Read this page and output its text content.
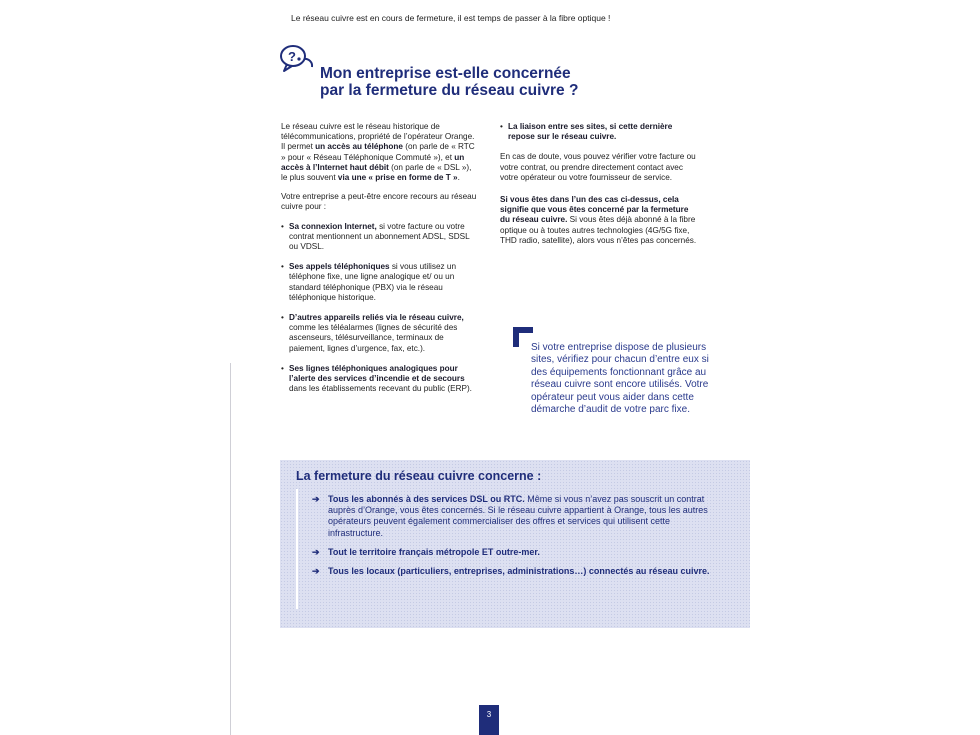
Le réseau cuivre est en cours de fermeture, il est temps de passer à la fibre optique !
?
Mon entreprise est-elle concernée
par la fermeture du réseau cuivre ?

Le réseau cuivre est le réseau historique de télécommunications, propriété de l’opérateur Orange. Il permet un accès au téléphone (on parle de « RTC » pour « Réseau Téléphonique Commuté »), et un accès à l’Internet haut débit (on parle de « DSL »), le plus souvent via une « prise en forme de T ».

Votre entreprise a peut-être encore recours au réseau cuivre pour :

• Sa connexion Internet, si votre facture ou votre contrat mentionnent un abonnement ADSL, SDSL ou VDSL.
• Ses appels téléphoniques si vous utilisez un téléphone fixe, une ligne analogique et/ ou un standard téléphonique (PBX) via le réseau téléphonique historique.
• D’autres appareils reliés via le réseau cuivre, comme les téléalarmes (lignes de sécurité des ascenseurs, télésurveillance, terminaux de paiement, lignes d’urgence, fax, etc.).
• Ses lignes téléphoniques analogiques pour l’alerte des services d’incendie et de secours dans les établissements recevant du public (ERP).
• La liaison entre ses sites, si cette dernière repose sur le réseau cuivre.

En cas de doute, vous pouvez vérifier votre facture ou votre contrat, ou prendre directement contact avec votre opérateur ou votre fournisseur de service.

Si vous êtes dans l’un des cas ci-dessus, cela signifie que vous êtes concerné par la fermeture du réseau cuivre. Si vous êtes déjà abonné à la fibre optique ou à toutes autres technologies (4G/5G fixe, THD radio, satellite), alors vous n’êtes pas concernés.

Si votre entreprise dispose de plusieurs sites, vérifiez pour chacun d’entre eux si des équipements fonctionnant grâce au réseau cuivre sont encore utilisés. Votre opérateur peut vous aider dans cette démarche d’audit de votre parc fixe.
La fermeture du réseau cuivre concerne :
➔ Tous les abonnés à des services DSL ou RTC. Même si vous n’avez pas souscrit un contrat auprès d’Orange, vous êtes concernés. Si le réseau cuivre appartient à Orange, tous les autres opérateurs peuvent également commercialiser des offres et services qui utilisent cette infrastructure.
➔ Tout le territoire français métropole ET outre-mer.
➔ Tous les locaux (particuliers, entreprises, administrations…) connectés au réseau cuivre.
3
